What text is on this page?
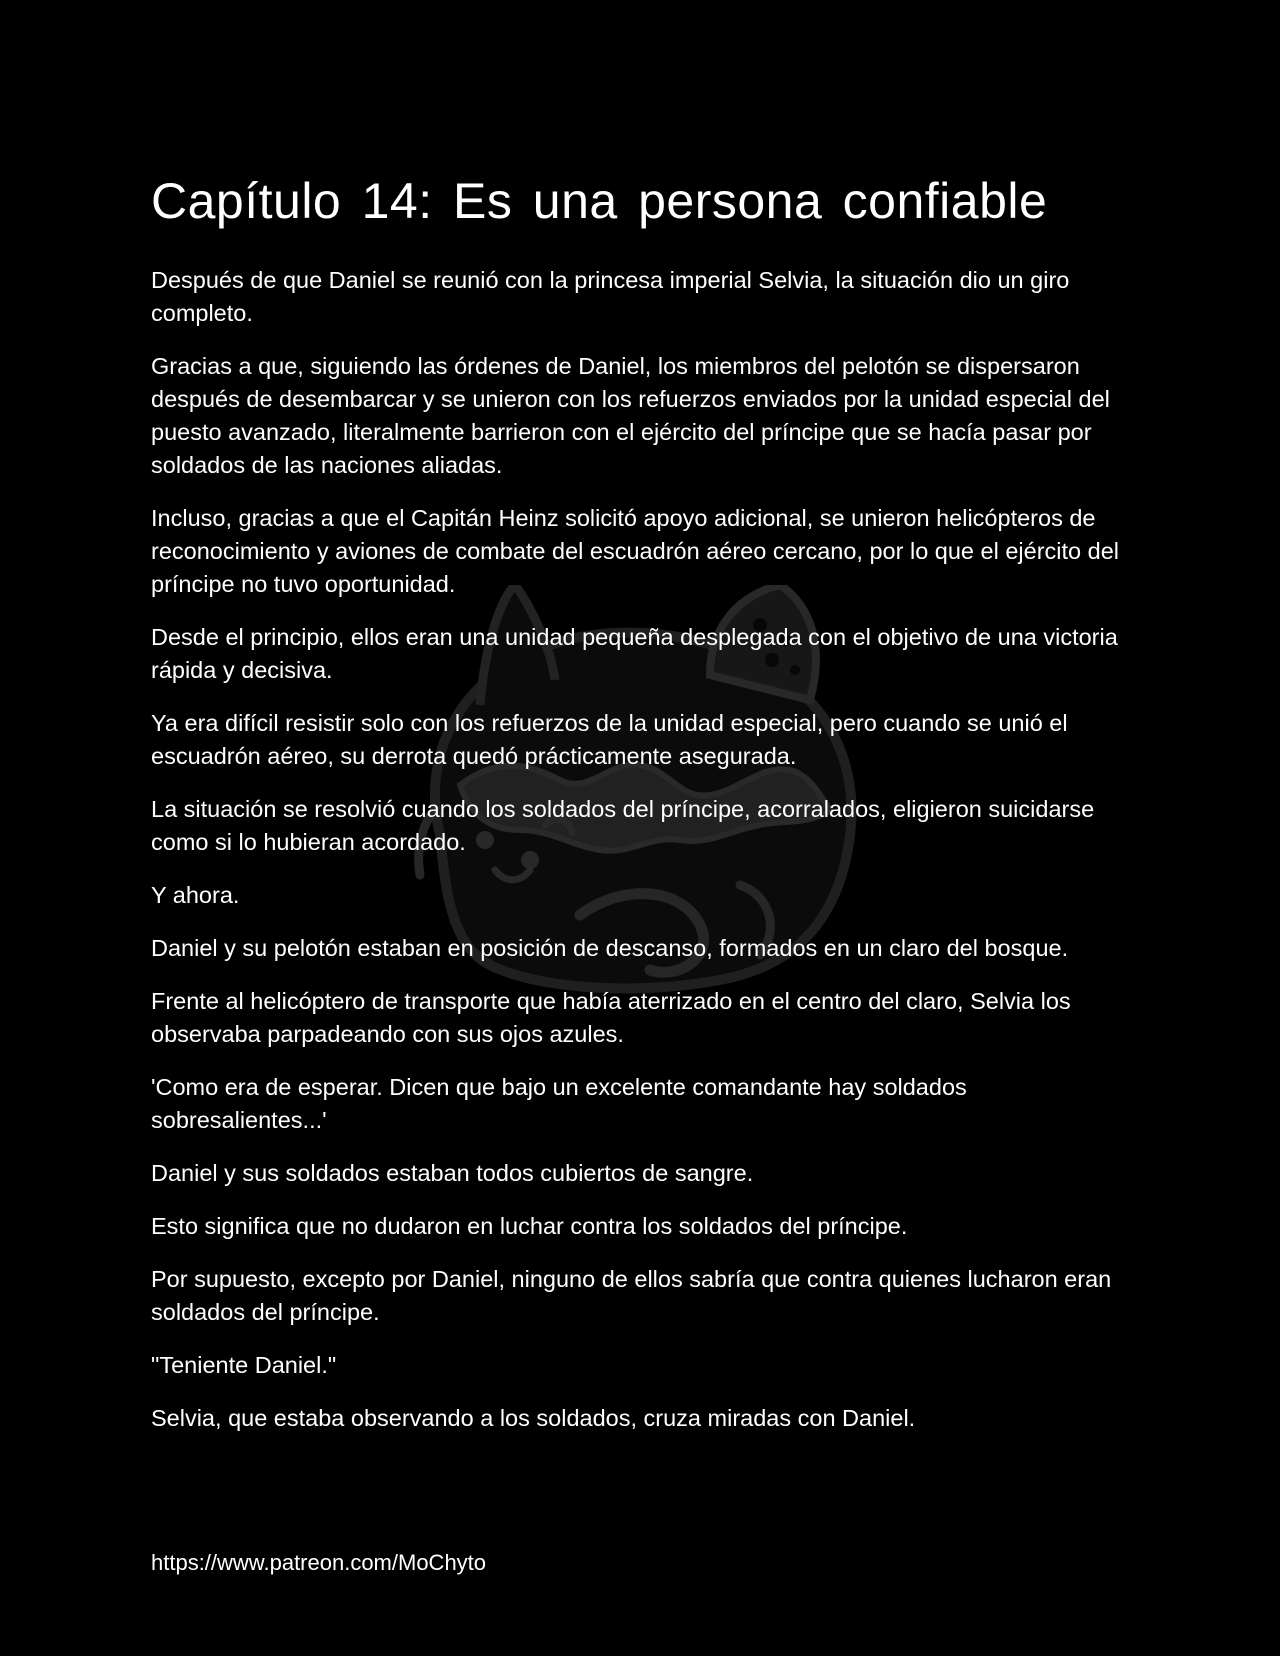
Capítulo 14: Es una persona confiable

Después de que Daniel se reunió con la princesa imperial Selvia, la situación dio un giro completo.

Gracias a que, siguiendo las órdenes de Daniel, los miembros del pelotón se dispersaron después de desembarcar y se unieron con los refuerzos enviados por la unidad especial del puesto avanzado, literalmente barrieron con el ejército del príncipe que se hacía pasar por soldados de las naciones aliadas.

Incluso, gracias a que el Capitán Heinz solicitó apoyo adicional, se unieron helicópteros de reconocimiento y aviones de combate del escuadrón aéreo cercano, por lo que el ejército del príncipe no tuvo oportunidad.

Desde el principio, ellos eran una unidad pequeña desplegada con el objetivo de una victoria rápida y decisiva.

Ya era difícil resistir solo con los refuerzos de la unidad especial, pero cuando se unió el escuadrón aéreo, su derrota quedó prácticamente asegurada.

La situación se resolvió cuando los soldados del príncipe, acorralados, eligieron suicidarse como si lo hubieran acordado.

Y ahora.

Daniel y su pelotón estaban en posición de descanso, formados en un claro del bosque.

Frente al helicóptero de transporte que había aterrizado en el centro del claro, Selvia los observaba parpadeando con sus ojos azules.

'Como era de esperar. Dicen que bajo un excelente comandante hay soldados sobresalientes...'

Daniel y sus soldados estaban todos cubiertos de sangre.

Esto significa que no dudaron en luchar contra los soldados del príncipe.

Por supuesto, excepto por Daniel, ninguno de ellos sabría que contra quienes lucharon eran soldados del príncipe.

"Teniente Daniel."

Selvia, que estaba observando a los soldados, cruza miradas con Daniel.

https://www.patreon.com/MoChyto
